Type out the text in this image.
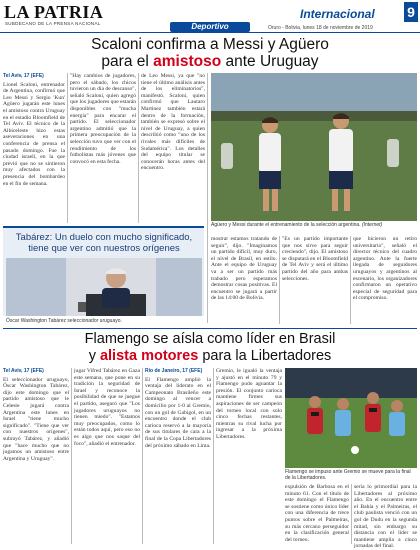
LA PATRIA
SUBDECANO DE LA PRENSA NACIONAL	Deportivo
Internacional 9
Oruro - Bolivia, lunes 18 de noviembre de 2019
Scaloni confirma a Messi y Agüero
para el amistoso ante Uruguay
Tel Aviv, 17 (EFE)
Lionel Scaloni, entrenador de Argentina, confirmó que Leo Messi y Sergio 'Kun' Agüero jugarán este lunes el amistoso contra Uruguay en el estadio Bloomfield de Tel Aviv. El técnico de la Albiceleste hizo estas aseveraciones en una conferencia de prensa el pasado domingo. Fue la ciudad israelí, en la que previó que no se sintieron muy afectados con la presencia del bombardeo en el fin de semana.
"Hay cambios de jugadores, pero el sábado, los chicos tuvieron un día de descanso", señaló Scaloni, quien agregó que los jugadores que estarán disponibles con "mucha energía" para encarar el partido. El seleccionador argentino admitió que la primera preocupación de la selección tuvo que ver con el rendimiento de los futbolistas más jóvenes que convocó en esta fecha.
de Leo Messi, ya que "no tiene el último análisis antes de los eliminatorios", manifestó. Scaloni, quien confirmó que Lautaro Martínez también estará dentro de la formación, también se expresó sobre el nivel de Uruguay, a quien describió como "uno de los rivales más difíciles de Sudamérica". Los detalles del equipo titular se conocerán horas antes del encuentro.
Agüero y Messi durante el entrenamiento de la selección argentina. (Internet)
mostrar estamos tratando de seguir", dijo. "Imaginamos un partido difícil, muy duro, el nivel de Brasil, en estilo. Ante el equipo de Uruguay va a ser un partido más trabado pero esperamos demostrar cosas positivas. El encuentro se jugará a partir de las 14:00 de Bolivia.
"Es un partido importante que nos sirve para seguir creciendo", dijo. El amistoso se disputará en el Bloomfield de Tel Aviv y será el último partido del año para ambas selecciones.
que hicieron un retiro universitario", señaló el director técnico del cuadro argentino. Ante la fuerte llegada de seguidores uruguayos y argentinos al escenario, los organizadores confirmaron un operativo especial de seguridad para el compromiso.
Tabárez: Un duelo con mucho significado, tiene que ver con nuestros orígenes
Óscar Washington Tabárez seleccionador uruguayo.
Flamengo se aísla como líder en Brasil
y alista motores para la Libertadores
Tel Aviv, 17 (EFE)
El seleccionador uruguayo, Óscar Washington Tabárez, dijo este domingo que el partido amistoso que le Celeste jugará contra Argentina este lunes en Israel "tiene mucho significado". "Tiene que ver con nuestros orígenes", subrayó Tabárez, y añadió que "hace mucho que no jugamos un amistoso entre Argentina y Uruguay".
jugar Vifred Tabárez en Gaza este semana, que pone en su tradición la seguridad de Israel y reconoce la posibilidad de que se juegue el partido, aseguró que "Los jugadores uruguayos no tienen miedo". "Estamos muy preocupados, como lo están todos aquí, pero eso no es algo que nos saque del foco", añadió el entrenador.
Río de Janeiro, 17 (EFE)
El Flamengo ampliò la ventaja del liderato en el Campeonato Brasileño este domingo al vencer a domicilio por 1-0 al Gremio, con un gol de Gabigol, en un encuentro donde el club carioca reservó a la mayoría de sus titulares de cara a la final de la Copa Libertadores del próximo sábado en Lima.
Gremio, le igualó la ventaja y ajustó en el minuto 79 y Flamengo pudo aguantar la presión. El conjunto carioca mantiene firmes sus aspiraciones de ser campeón del torneo local con solo cinco fechas restantes, mientras su rival lucha por ingresar a la próxima Libertadores.
Flamengo se impuso ante Gremio se mueve para la final de la Libertadores.
expulsión de Barbosa en el minuto 61. Con el título de este domingo el Flamengo se sostiene como único líder con una diferencia de trece puntos sobre el Palmeiras, su más cercano perseguidor en la clasificación general del torneo.
sería lo primordial para la Libertadores al próximo año. En el encuentro entre el Bahía y el Palmeiras, el club paulista venció con un gol de Dudu en la segunda mitad, sin embargo su distancia con el líder se mantiene amplia a cinco jornadas del final.
